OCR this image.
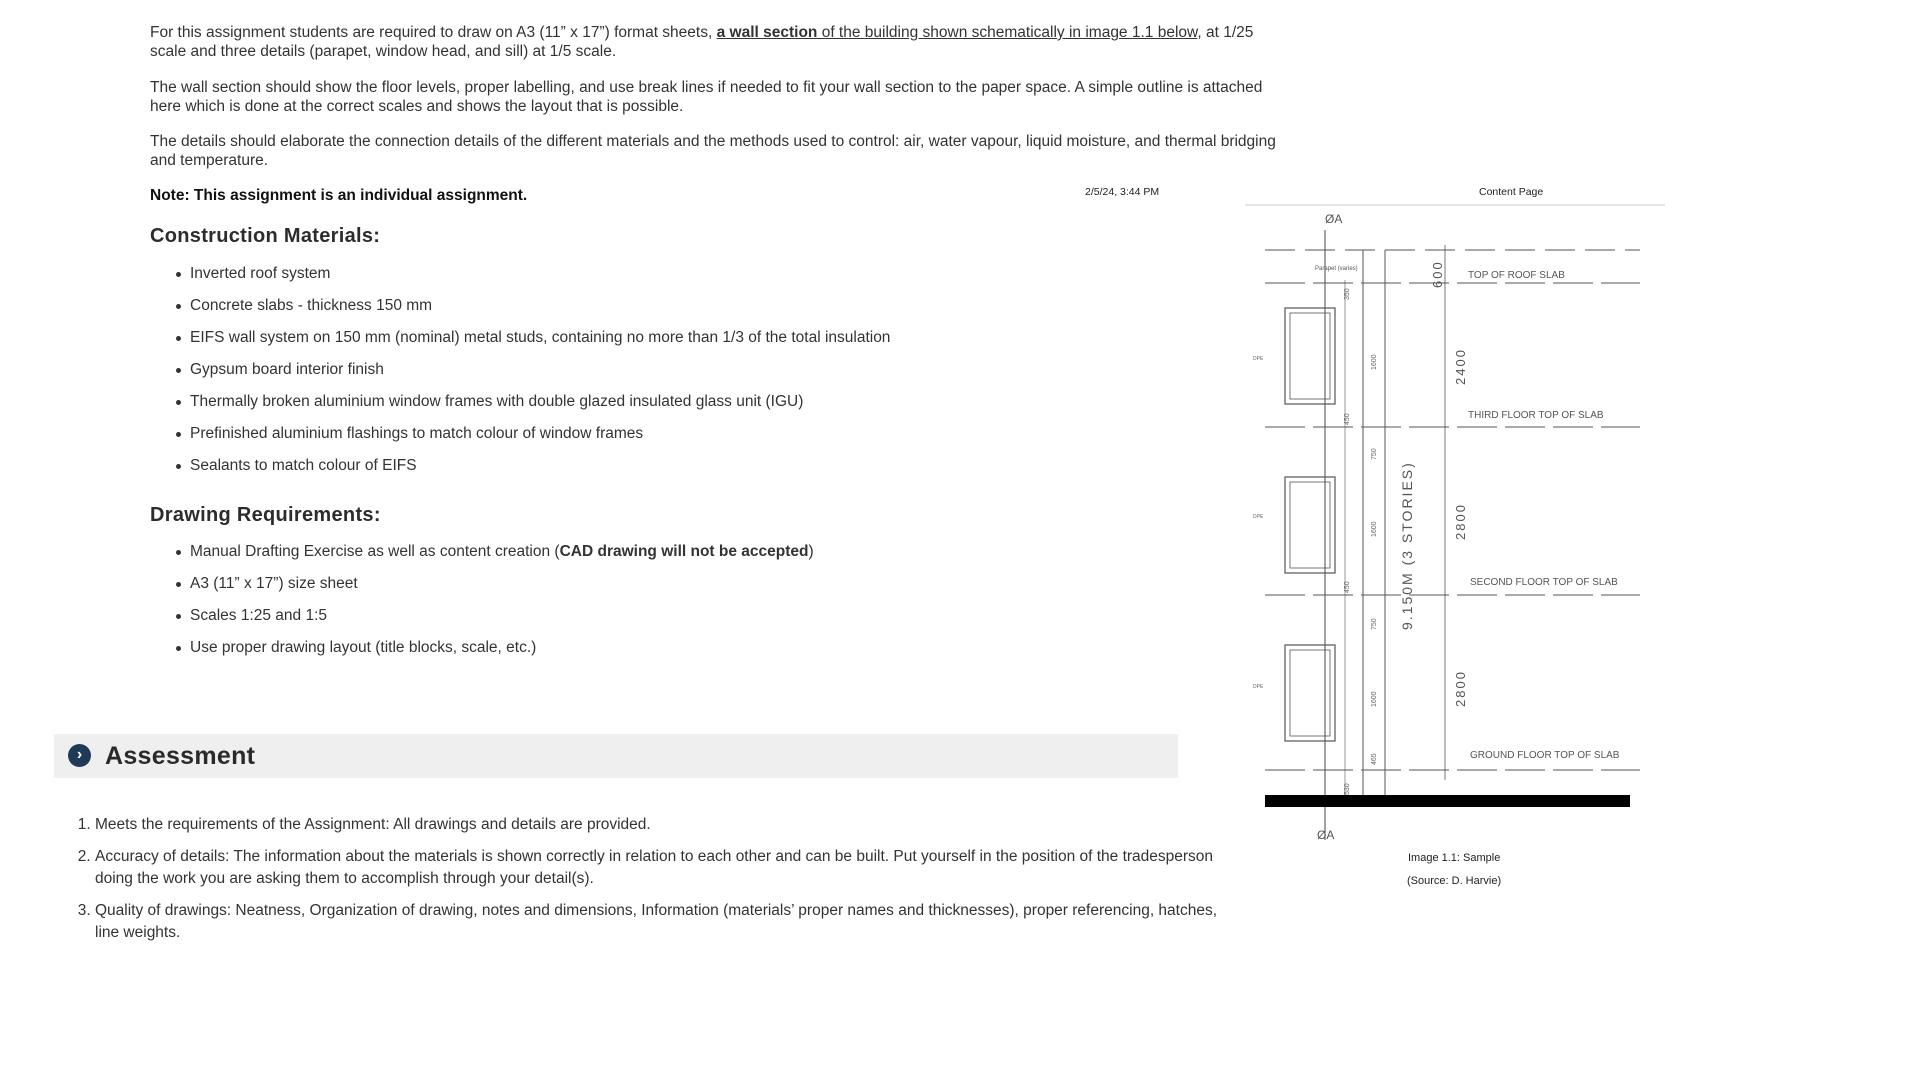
For this assignment students are required to draw on A3 (11” x 17”) format sheets, a wall section of the building shown schematically in image 1.1 below, at 1/25 scale and three details (parapet, window head, and sill) at 1/5 scale.
The wall section should show the floor levels, proper labelling, and use break lines if needed to fit your wall section to the paper space. A simple outline is attached here which is done at the correct scales and shows the layout that is possible.
The details should elaborate the connection details of the different materials and the methods used to control: air, water vapour, liquid moisture, and thermal bridging and temperature.
Note: This assignment is an individual assignment.
Construction Materials:
Inverted roof system
Concrete slabs - thickness 150 mm
EIFS wall system on 150 mm (nominal) metal studs, containing no more than 1/3 of the total insulation
Gypsum board interior finish
Thermally broken aluminium window frames with double glazed insulated glass unit (IGU)
Prefinished aluminium flashings to match colour of window frames
Sealants to match colour of EIFS
Drawing Requirements:
Manual Drafting Exercise as well as content creation (CAD drawing will not be accepted)
A3 (11” x 17”) size sheet
Scales 1:25 and 1:5
Use proper drawing layout (title blocks, scale, etc.)
› Assessment
1. Meets the requirements of the Assignment: All drawings and details are provided.
2. Accuracy of details: The information about the materials is shown correctly in relation to each other and can be built. Put yourself in the position of the tradesperson doing the work you are asking them to accomplish through your detail(s).
3. Quality of drawings: Neatness, Organization of drawing, notes and dimensions, Information (materials’ proper names and thicknesses), proper referencing, hatches, line weights.
2/5/24, 3:44 PM	Content Page
Image 1.1: Sample
(Source: D. Harvie)
ØA
Parapet (varies)
DPE
DPE
DPE
350
1600
450
750
1600
450
750
1600
465
530
9.150M (3 STORIES)
600
2400
2800
2800
TOP OF ROOF SLAB
THIRD FLOOR TOP OF SLAB
SECOND FLOOR TOP OF SLAB
GROUND FLOOR TOP OF SLAB
ØA
